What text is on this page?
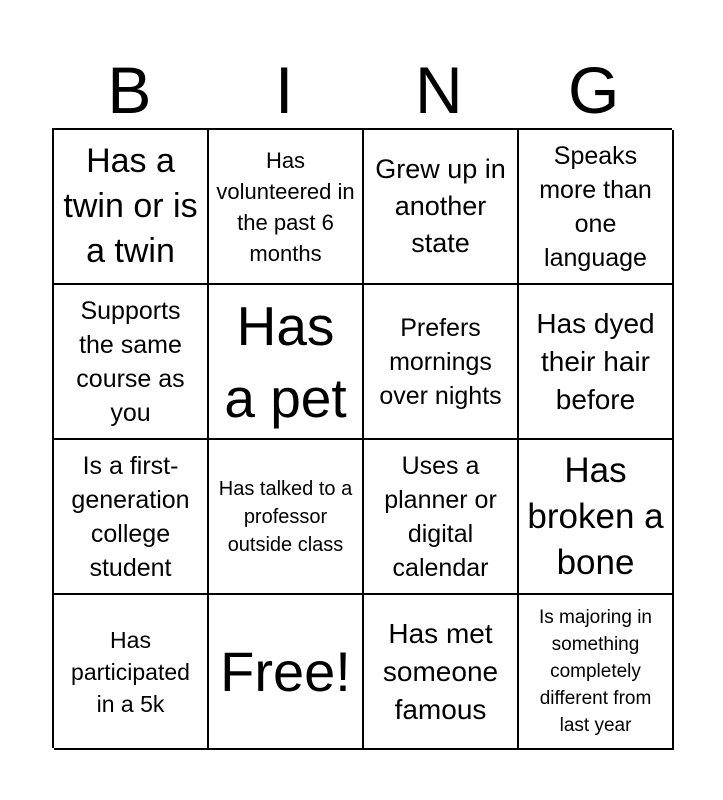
B	I	N	G
Has a twin or is a twin
Has volunteered in the past 6 months
Grew up in another state
Speaks more than one language
Supports the same course as you
Has a pet
Prefers mornings over nights
Has dyed their hair before
Is a first-generation college student
Has talked to a professor outside class
Uses a planner or digital calendar
Has broken a bone
Has participated in a 5k
Free!
Has met someone famous
Is majoring in something completely different from last year
